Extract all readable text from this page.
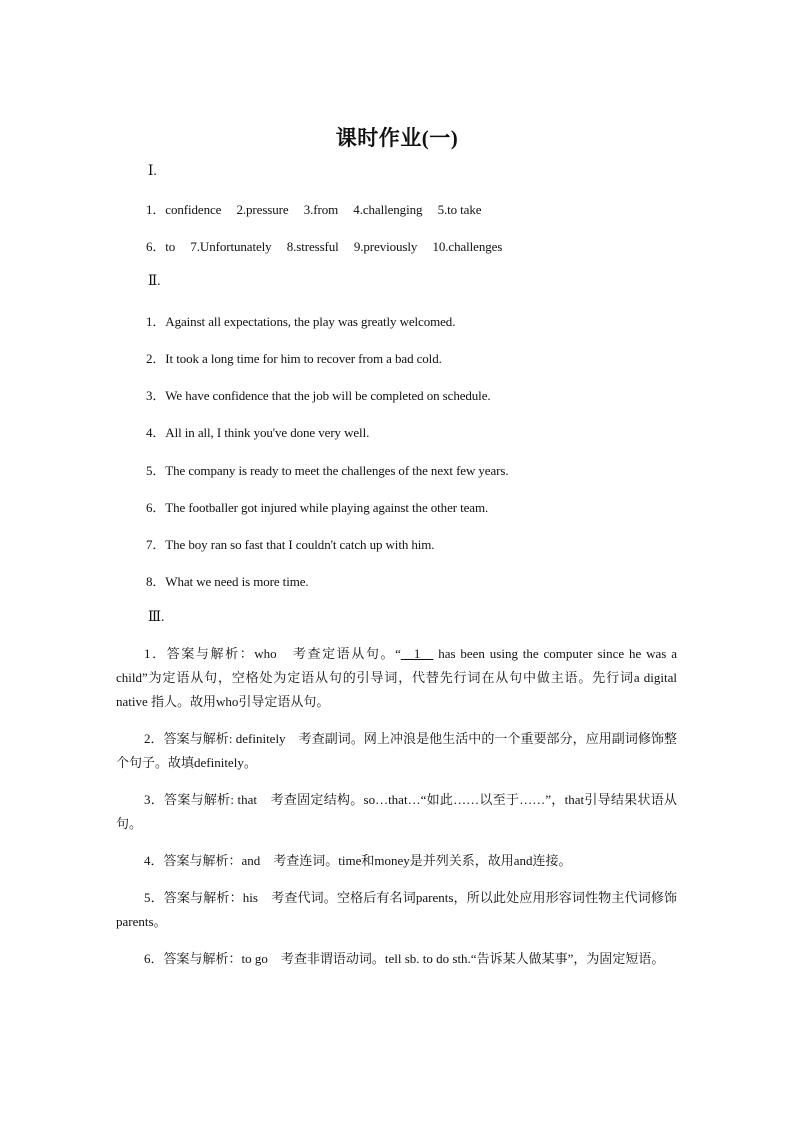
课时作业(一)
Ⅰ.
1．confidence 2.pressure 3.from 4.challenging 5.to take
6．to 7.Unfortunately 8.stressful 9.previously 10.challenges
Ⅱ.
1．Against all expectations, the play was greatly welcomed.
2．It took a long time for him to recover from a bad cold.
3．We have confidence that the job will be completed on schedule.
4．All in all, I think you've done very well.
5．The company is ready to meet the challenges of the next few years.
6．The footballer got injured while playing against the other team.
7．The boy ran so fast that I couldn't catch up with him.
8．What we need is more time.
Ⅲ.
1．答案与解析：who　考查定语从句。“__1__ has been using the computer since he was a child”为定语从句，空格处为定语从句的引导词，代替先行词在从句中做主语。先行词a digital native 指人。故用who引导定语从句。
2．答案与解析: definitely　考查副词。网上冲浪是他生活中的一个重要部分，应用副词修饰整个句子。故填definitely。
3．答案与解析: that　考查固定结构。so…that…“如此……以至于……”，that引导结果状语从句。
4．答案与解析：and　考查连词。time和money是并列关系，故用and连接。
5．答案与解析：his　考查代词。空格后有名词parents，所以此处应用形容词性物主代词修饰parents。
6．答案与解析：to go　考查非谓语动词。tell sb. to do sth.“告诉某人做某事”，为固定短语。
